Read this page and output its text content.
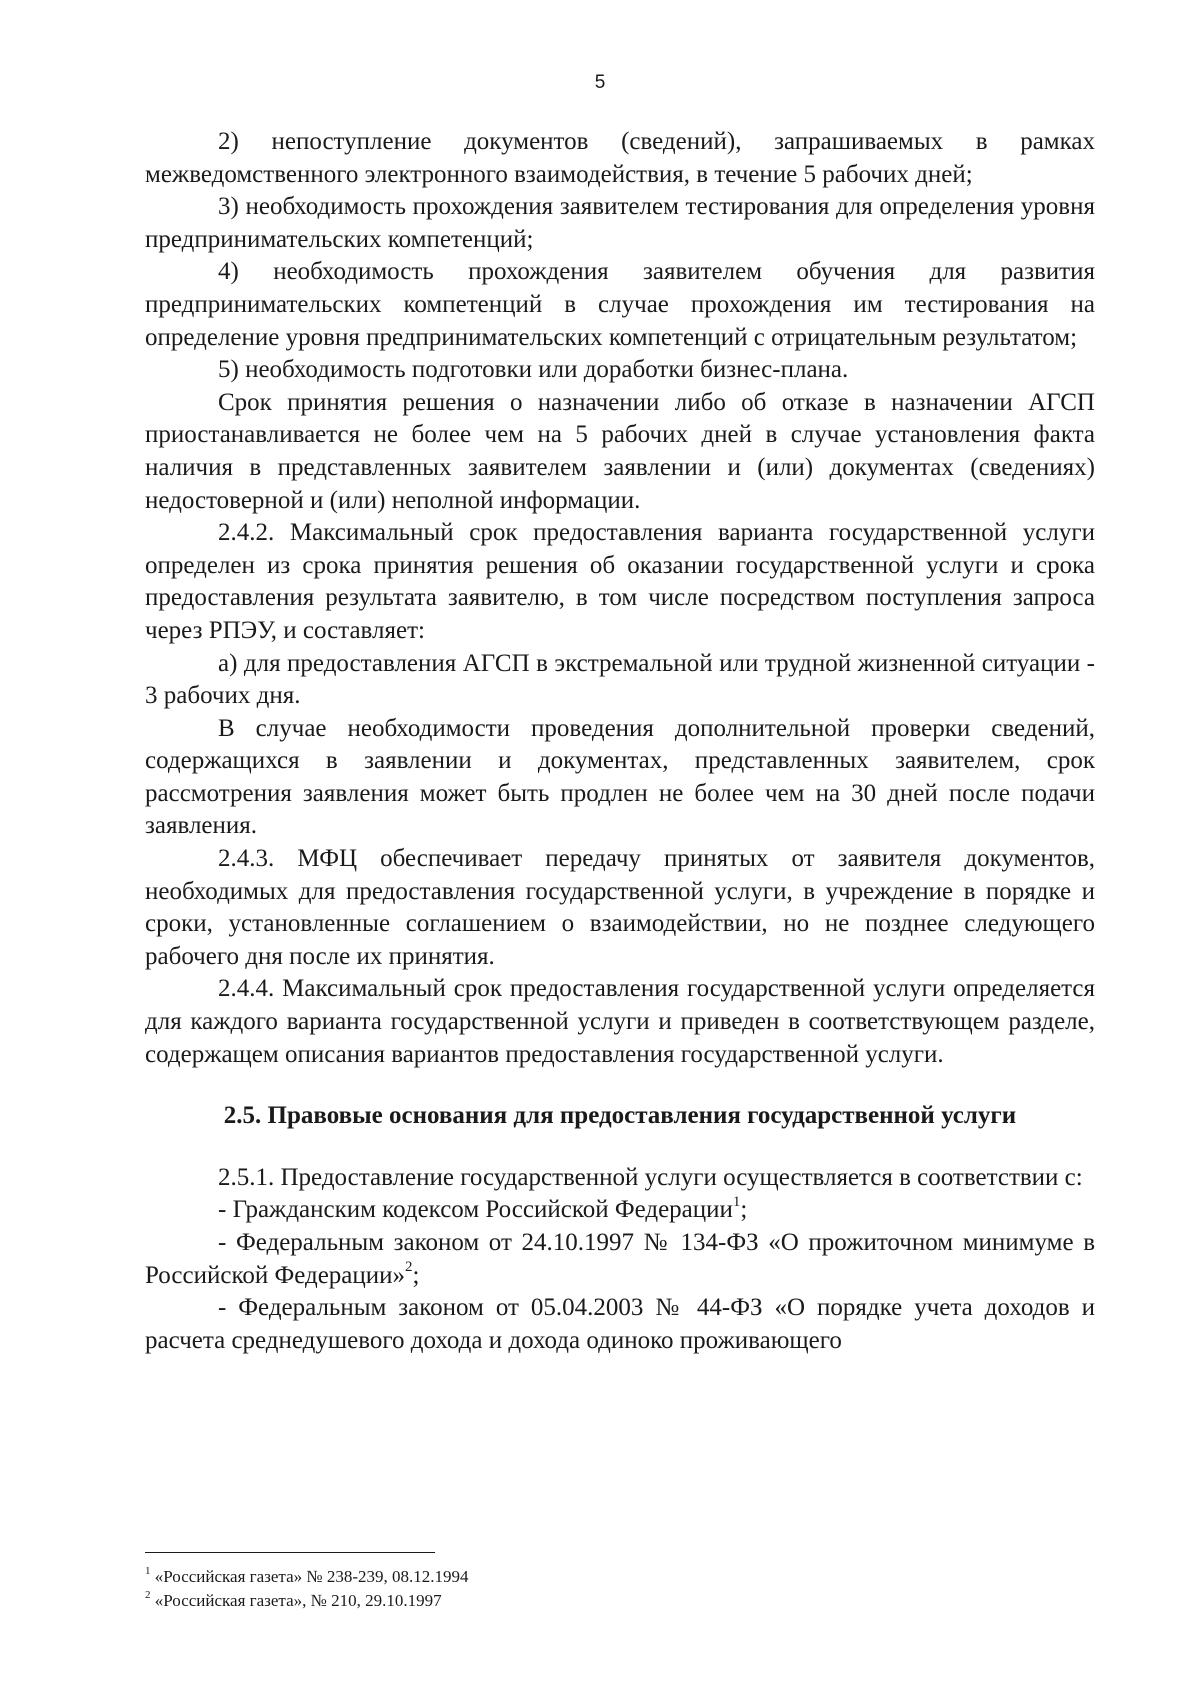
5

2) непоступление документов (сведений), запрашиваемых в рамках межведомственного электронного взаимодействия, в течение 5 рабочих дней;

3) необходимость прохождения заявителем тестирования для определения уровня предпринимательских компетенций;

4) необходимость прохождения заявителем обучения для развития предпринимательских компетенций в случае прохождения им тестирования на определение уровня предпринимательских компетенций с отрицательным результатом;

5) необходимость подготовки или доработки бизнес-плана.

Срок принятия решения о назначении либо об отказе в назначении АГСП приостанавливается не более чем на 5 рабочих дней в случае установления факта наличия в представленных заявителем заявлении и (или) документах (сведениях) недостоверной и (или) неполной информации.

2.4.2. Максимальный срок предоставления варианта государственной услуги определен из срока принятия решения об оказании государственной услуги и срока предоставления результата заявителю, в том числе посредством поступления запроса через РПЭУ, и составляет:

а) для предоставления АГСП в экстремальной или трудной жизненной ситуации - 3 рабочих дня.

В случае необходимости проведения дополнительной проверки сведений, содержащихся в заявлении и документах, представленных заявителем, срок рассмотрения заявления может быть продлен не более чем на 30 дней после подачи заявления.

2.4.3. МФЦ обеспечивает передачу принятых от заявителя документов, необходимых для предоставления государственной услуги, в учреждение в порядке и сроки, установленные соглашением о взаимодействии, но не позднее следующего рабочего дня после их принятия.

2.4.4. Максимальный срок предоставления государственной услуги определяется для каждого варианта государственной услуги и приведен в соответствующем разделе, содержащем описания вариантов предоставления государственной услуги.

2.5. Правовые основания для предоставления государственной услуги

2.5.1. Предоставление государственной услуги осуществляется в соответствии с:

- Гражданским кодексом Российской Федерации$^1$;

- Федеральным законом от 24.10.1997 № 134-ФЗ «О прожиточном минимуме в Российской Федерации»$^2$;

- Федеральным законом от 05.04.2003 № 44-ФЗ «О порядке учета доходов и расчета среднедушевого дохода и дохода одиноко проживающего

$^1$ «Российская газета» № 238-239, 08.12.1994
$^2$ «Российская газета», № 210, 29.10.1997
